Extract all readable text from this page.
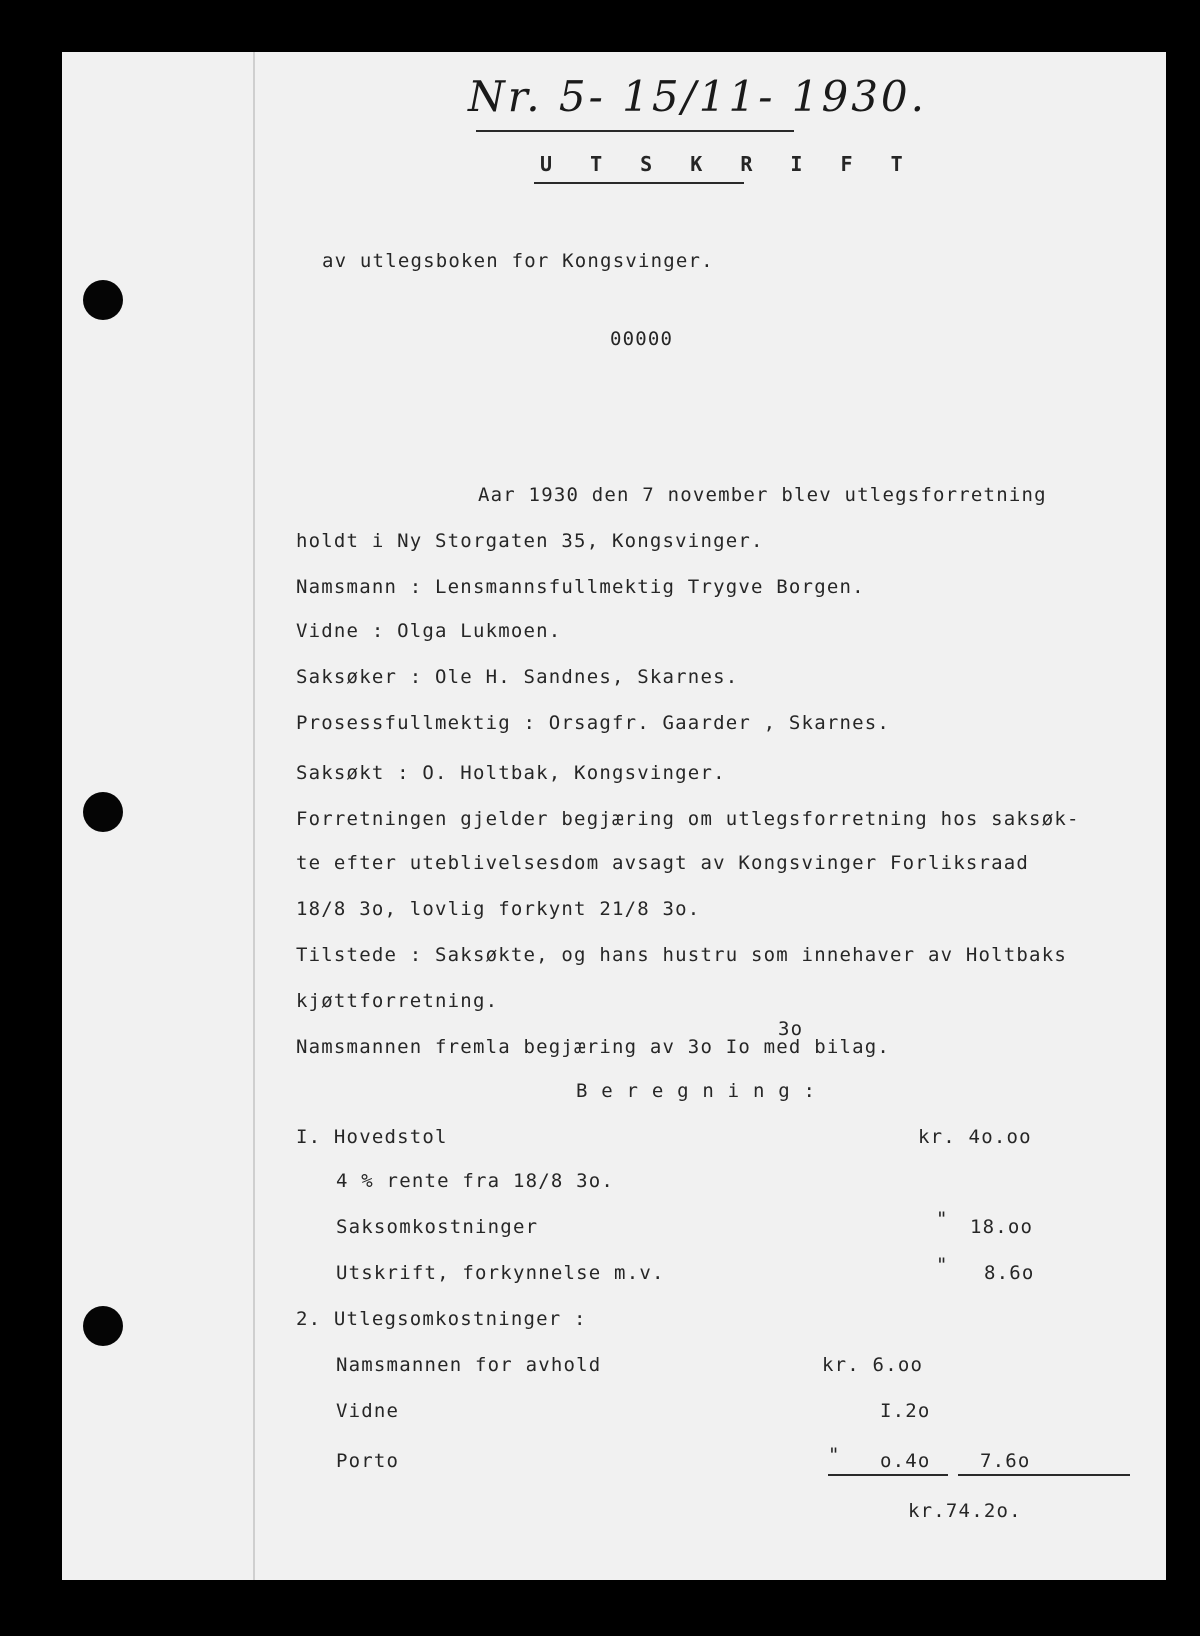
Nr. 5- 15/11- 1930.
U T S K R I F T
av utlegsboken for Kongsvinger.
00000
Aar 1930 den 7 november blev utlegsforretning
holdt i Ny Storgaten 35, Kongsvinger.
Namsmann : Lensmannsfullmektig Trygve Borgen.
Vidne : Olga Lukmoen.
Saksøker : Ole H. Sandnes, Skarnes.
Prosessfullmektig : Orsagfr. Gaarder , Skarnes.
Saksøkt : O. Holtbak, Kongsvinger.
Forretningen gjelder begjæring om utlegsforretning hos saksøk-
te efter uteblivelsesdom avsagt av Kongsvinger Forliksraad
18/8 3o, lovlig forkynt 21/8 3o.
Tilstede : Saksøkte, og hans hustru som innehaver av Holtbaks
kjøttforretning.
3o
Namsmannen fremla begjæring av 3o Io med bilag.
B e r e g n i n g :
I. Hovedstol	kr. 4o.oo
4 % rente fra 18/8 3o.
Saksomkostninger	" 18.oo
Utskrift, forkynnelse m.v.	" 8.6o
2. Utlegsomkostninger :
Namsmannen for avhold	kr. 6.oo
Vidne	I.2o
Porto	" o.4o	7.6o
kr.74.2o.
